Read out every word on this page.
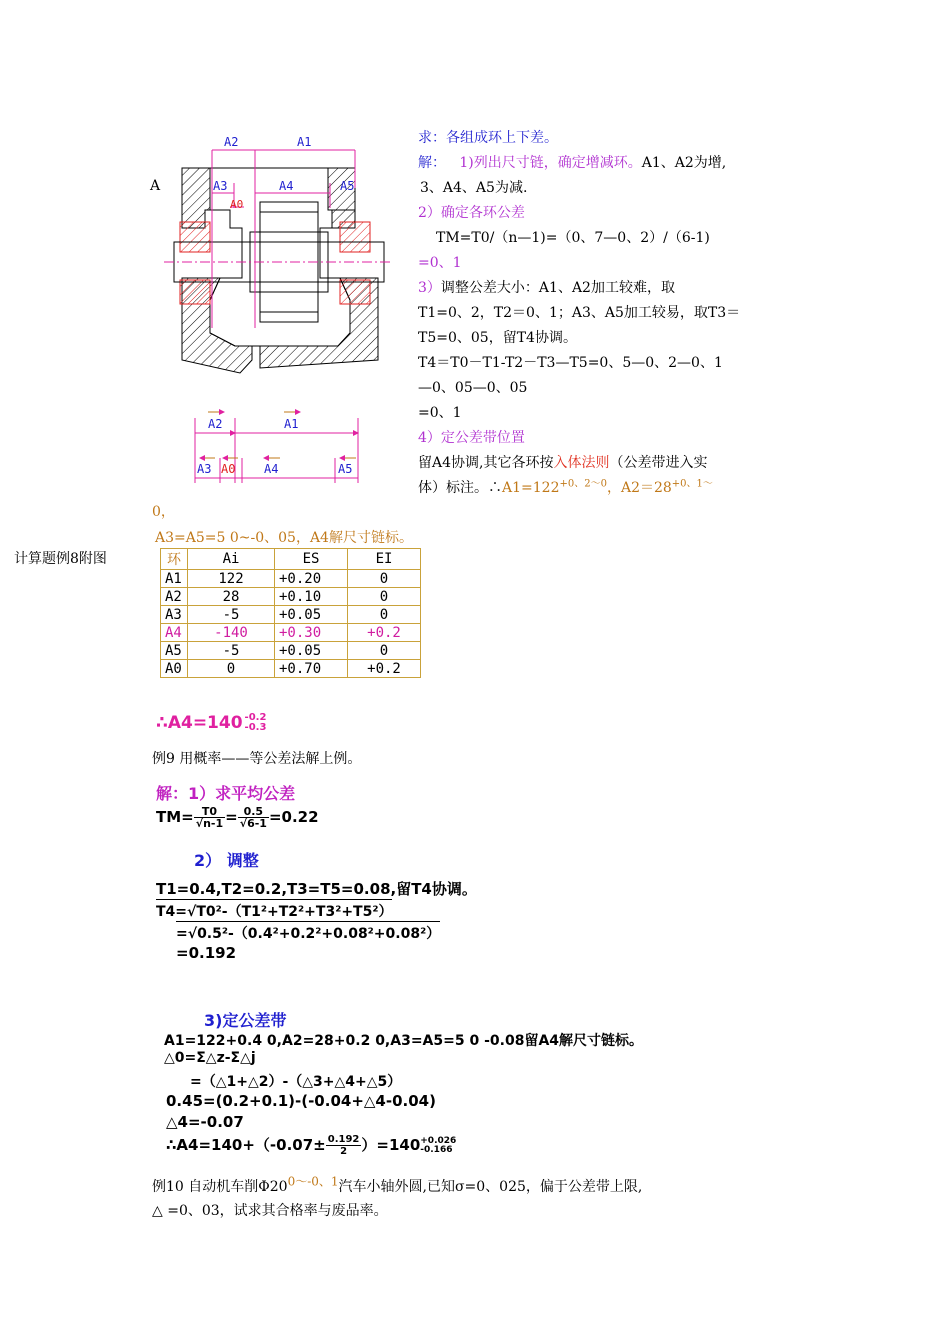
A
A2	A1
A3	A4	A5
A0
A2	A1
A3 A0 A4	A5
计算题例8附图
求：各组成环上下差。
解： 1)列出尺寸链，确定增减环。A1、A2为增,
3、A4、A5为减.
2）确定各环公差
TM=T0/（n—1)=（0、7—0、2）/（6-1)
=0、1
3）调整公差大小：A1、A2加工较难，取
T1=0、2，T2＝0、1；A3、A5加工较易，取T3＝
T5=0、05，留T4协调。
T4＝T0－T1-T2－T3—T5=0、5—0、2—0、1
—0、05—0、05
=0、1
4）定公差带位置
留A4协调,其它各环按入体法则（公差带进入实
体）标注。$\therefore A1=122^{+0、2\sim 0}$，$A2=28^{+0、1\sim}$
0，
A3=A5=5 0~-0、05，A4解尺寸链标。
环	Ai	ES	EI
A1	122	+0.20	0
A2	28	+0.10	0
A3	-5	+0.05	0
A4	-140	+0.30	+0.2
A5	-5	+0.05	0
A0	0	+0.70	+0.2
∴A4=140 -0.2
-0.3
例9 用概率——等公差法解上例。
解：1）求平均公差
$TM= \frac{T0}{√n-1} = \frac{0.5}{√6-1} =0.22$
2） 调整
T1=0.4,T2=0.2,T3=T5=0.08,留T4协调。
T4=√T0²-（T1²+T2²+T3²+T5²）
=√0.5²-（0.4²+0.2²+0.08²+0.08²）
=0.192
3)定公差带
A1=122+0.4 0,A2=28+0.2 0,A3=A5=5 0 -0.08留A4解尺寸链标。
△0=Σ△z-Σ△j
=（△1+△2）-（△3+△4+△5）
0.45=(0.2+0.1)-(-0.04+△4-0.04)
△4=-0.07
∴A4=140+（-0.07± $\frac{0.192}{2} )=140 +0.026$
-0.166
例10 自动机车削$\Phi 20^{0\sim-0、1}$汽车小轴外圆,已知σ=0、025，偏于公差带上限,
△ =0、03，试求其合格率与废品率。
